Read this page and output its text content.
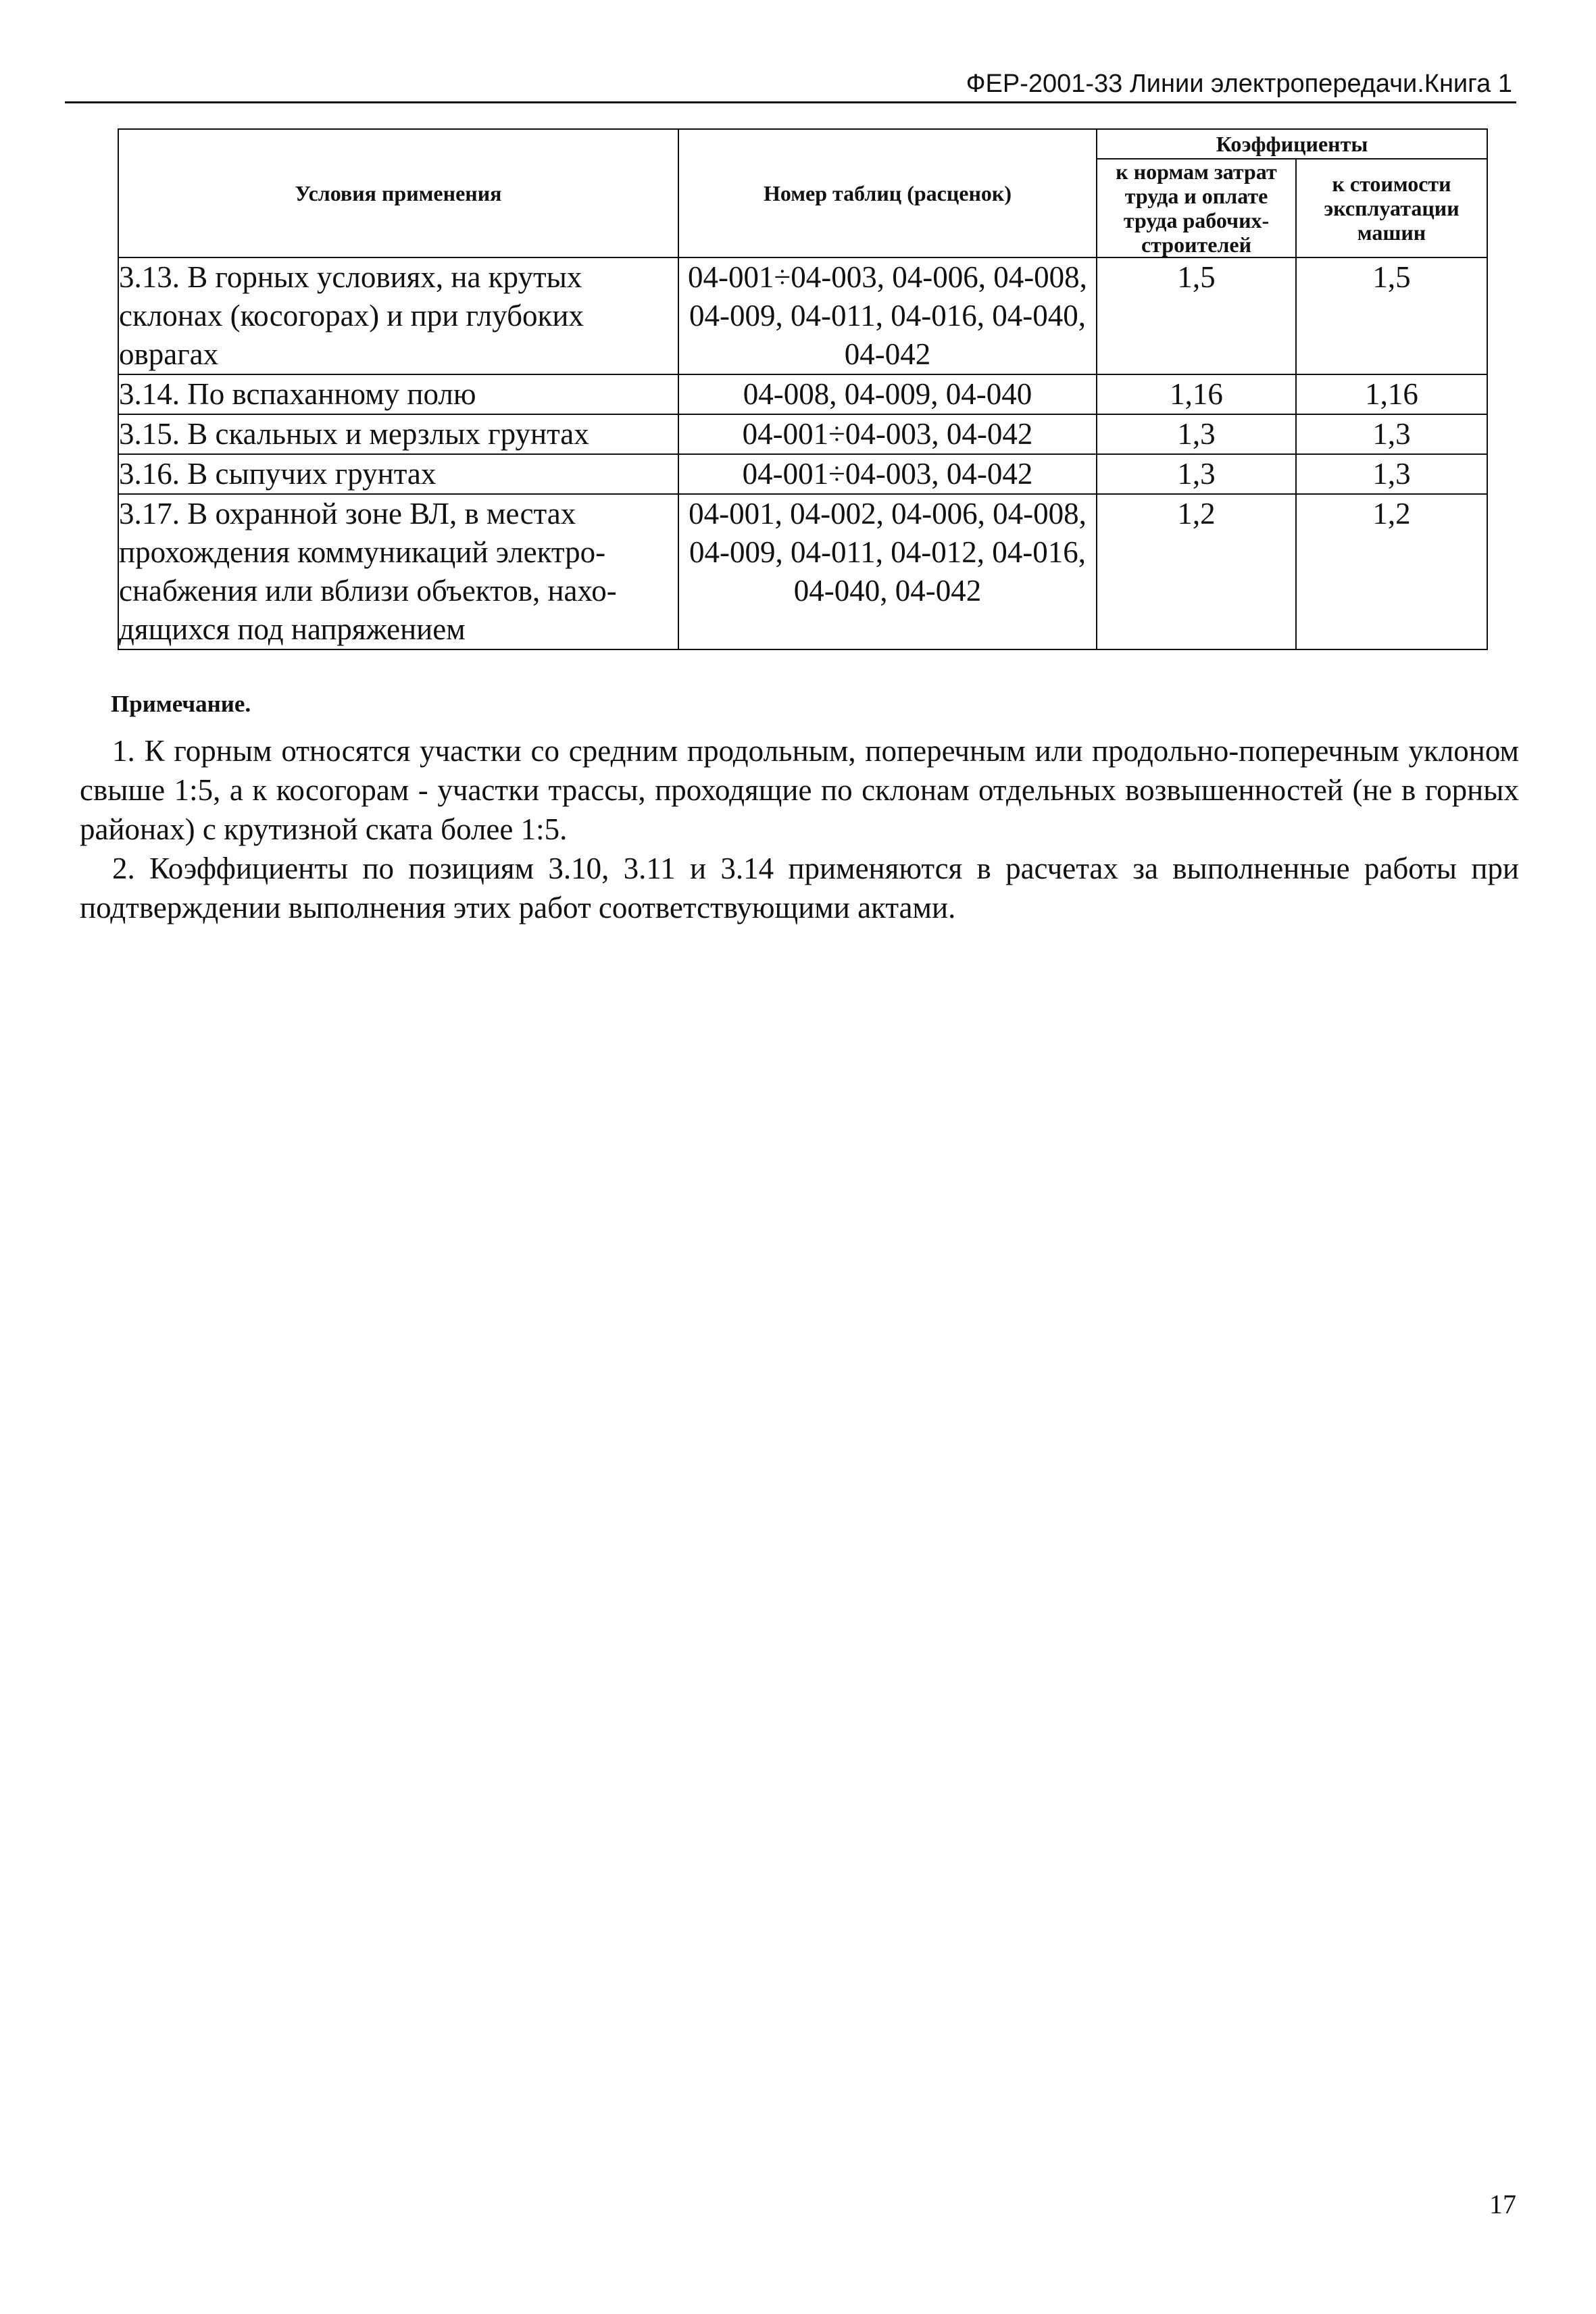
ФЕР-2001-33 Линии электропередачи.Книга 1
Условия применения	Номер таблиц (расценок)	Коэффициенты	
		к нормам затрат труда и оплате труда рабочих-строителей	к стоимости эксплуатации машин
3.13. В горных условиях, на крутых склонах (косогорах) и при глубоких оврагах	04-001÷04-003, 04-006, 04-008, 04-009, 04-011, 04-016, 04-040, 04-042	1,5	1,5
3.14. По вспаханному полю	04-008, 04-009, 04-040	1,16	1,16
3.15. В скальных и мерзлых грунтах	04-001÷04-003, 04-042	1,3	1,3
3.16. В сыпучих грунтах	04-001÷04-003, 04-042	1,3	1,3
3.17. В охранной зоне ВЛ, в местах прохождения коммуникаций электроснабжения или вблизи объектов, находящихся под напряжением	04-001, 04-002, 04-006, 04-008, 04-009, 04-011, 04-012, 04-016, 04-040, 04-042	1,2	1,2
Примечание.
1. К горным относятся участки со средним продольным, поперечным или продольно-поперечным уклоном свыше 1:5, а к косогорам - участки трассы, проходящие по склонам отдельных возвышенностей (не в горных районах) с крутизной ската более 1:5.
2. Коэффициенты по позициям 3.10, 3.11 и 3.14 применяются в расчетах за выполненные работы при подтверждении выполнения этих работ соответствующими актами.
17
